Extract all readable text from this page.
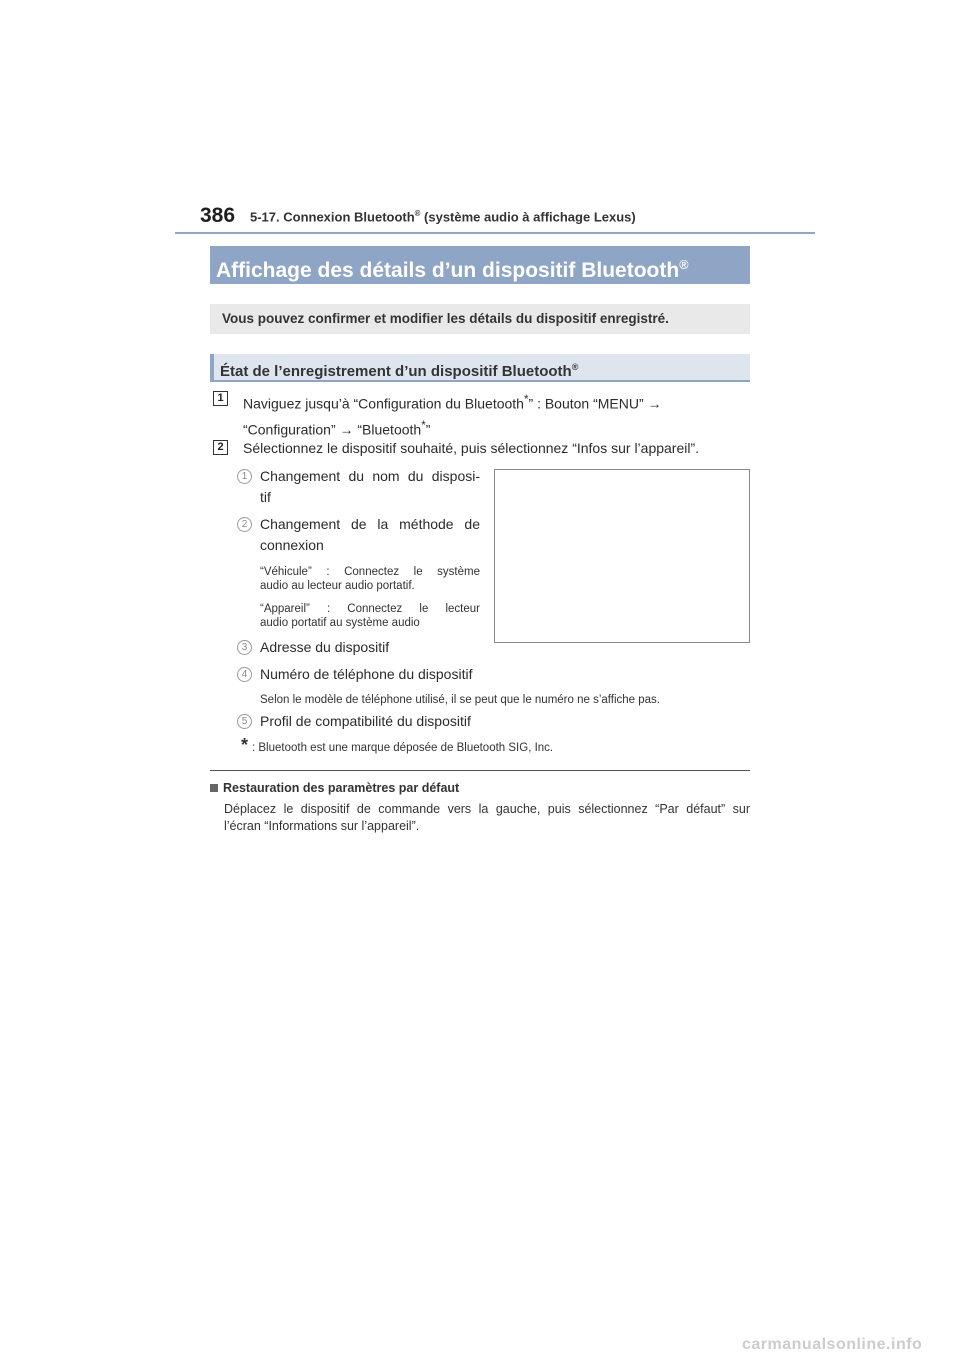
386 5-17. Connexion Bluetooth® (système audio à affichage Lexus)
Affichage des détails d’un dispositif Bluetooth®
Vous pouvez confirmer et modifier les détails du dispositif enregistré.
État de l’enregistrement d’un dispositif Bluetooth®
1	Naviguez jusqu’à “Configuration du Bluetooth*” : Bouton “MENU” →
“Configuration” → “Bluetooth*”
2	Sélectionnez le dispositif souhaité, puis sélectionnez “Infos sur l’appareil”.
1 Changement du nom du disposi-
tif
2 Changement de la méthode de
connexion
“Véhicule” : Connectez le système
audio au lecteur audio portatif.
“Appareil” : Connectez le lecteur
audio portatif au système audio
3 Adresse du dispositif
4 Numéro de téléphone du dispositif
Selon le modèle de téléphone utilisé, il se peut que le numéro ne s’affiche pas.
5 Profil de compatibilité du dispositif
* : Bluetooth est une marque déposée de Bluetooth SIG, Inc.
Restauration des paramètres par défaut
Déplacez le dispositif de commande vers la gauche, puis sélectionnez “Par défaut” sur
l’écran “Informations sur l’appareil”.
carmanualsonline.info
